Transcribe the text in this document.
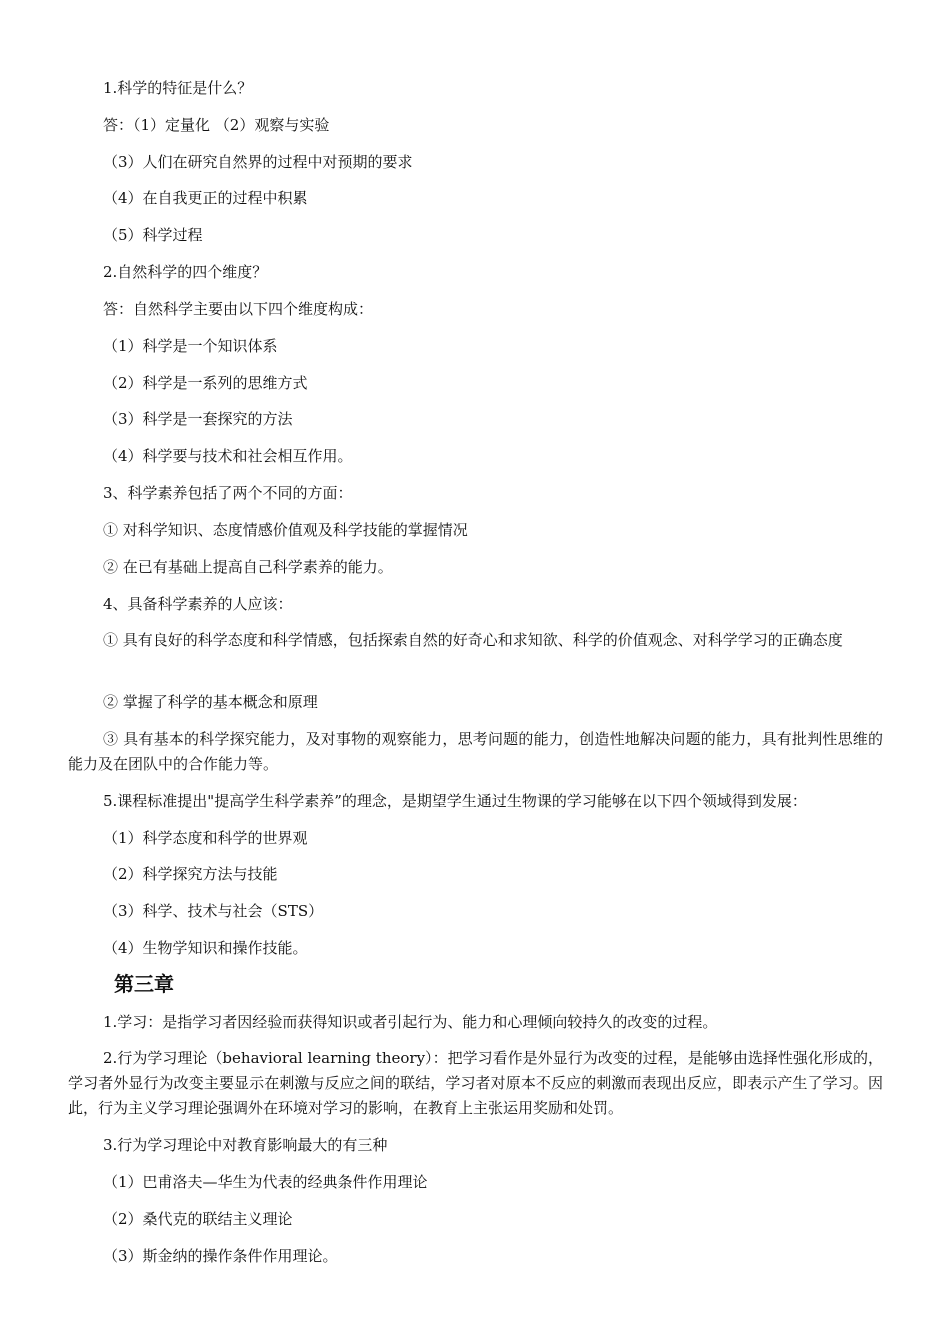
1.科学的特征是什么？
答：（1）定量化 （2）观察与实验
（3）人们在研究自然界的过程中对预期的要求
（4）在自我更正的过程中积累
（5）科学过程
2.自然科学的四个维度？
答：自然科学主要由以下四个维度构成：
（1）科学是一个知识体系
（2）科学是一系列的思维方式
（3）科学是一套探究的方法
（4）科学要与技术和社会相互作用。
3、科学素养包括了两个不同的方面：
① 对科学知识、态度情感价值观及科学技能的掌握情况
② 在已有基础上提高自己科学素养的能力。
4、具备科学素养的人应该：
① 具有良好的科学态度和科学情感，包括探索自然的好奇心和求知欲、科学的价值观念、对科学学习的正确态度
② 掌握了科学的基本概念和原理
③ 具有基本的科学探究能力，及对事物的观察能力，思考问题的能力，创造性地解决问题的能力，具有批判性思维的能力及在团队中的合作能力等。
5.课程标准提出"提高学生科学素养”的理念，是期望学生通过生物课的学习能够在以下四个领域得到发展：
（1）科学态度和科学的世界观
（2）科学探究方法与技能
（3）科学、技术与社会（STS）
（4）生物学知识和操作技能。
第三章
1.学习：是指学习者因经验而获得知识或者引起行为、能力和心理倾向较持久的改变的过程。
2.行为学习理论（behavioral learning theory）：把学习看作是外显行为改变的过程，是能够由选择性强化形成的，学习者外显行为改变主要显示在刺激与反应之间的联结，学习者对原本不反应的刺激而表现出反应，即表示产生了学习。因此，行为主义学习理论强调外在环境对学习的影响，在教育上主张运用奖励和处罚。
3.行为学习理论中对教育影响最大的有三种
（1）巴甫洛夫—华生为代表的经典条件作用理论
（2）桑代克的联结主义理论
（3）斯金纳的操作条件作用理论。
